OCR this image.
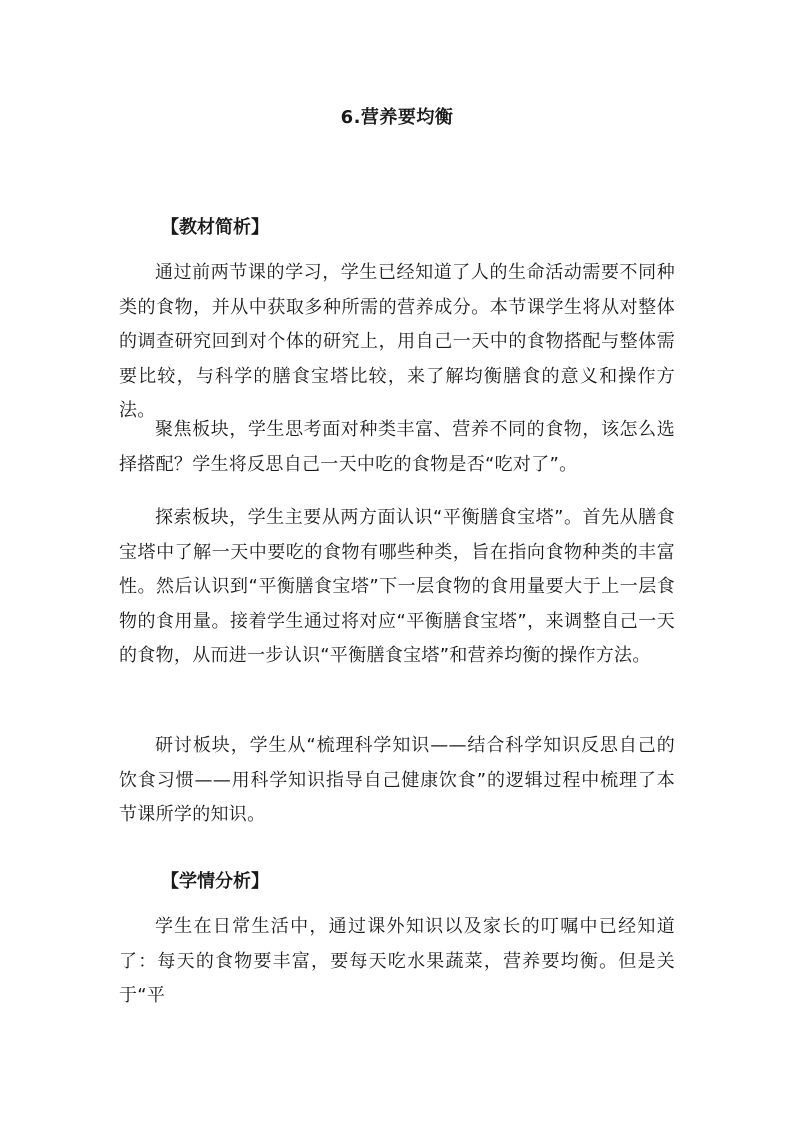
6.营养要均衡
【教材简析】

通过前两节课的学习，学生已经知道了人的生命活动需要不同种类的食物，并从中获取多种所需的营养成分。本节课学生将从对整体的调查研究回到对个体的研究上，用自己一天中的食物搭配与整体需要比较，与科学的膳食宝塔比较，来了解均衡膳食的意义和操作方法。

聚焦板块，学生思考面对种类丰富、营养不同的食物，该怎么选择搭配？学生将反思自己一天中吃的食物是否“吃对了”。

探索板块，学生主要从两方面认识“平衡膳食宝塔”。首先从膳食宝塔中了解一天中要吃的食物有哪些种类，旨在指向食物种类的丰富性。然后认识到“平衡膳食宝塔”下一层食物的食用量要大于上一层食物的食用量。接着学生通过将对应“平衡膳食宝塔”，来调整自己一天的食物，从而进一步认识“平衡膳食宝塔”和营养均衡的操作方法。

研讨板块，学生从“梳理科学知识——结合科学知识反思自己的饮食习惯——用科学知识指导自己健康饮食”的逻辑过程中梳理了本节课所学的知识。

【学情分析】

学生在日常生活中，通过课外知识以及家长的叮嘱中已经知道了：每天的食物要丰富，要每天吃水果蔬菜，营养要均衡。但是关于“平
